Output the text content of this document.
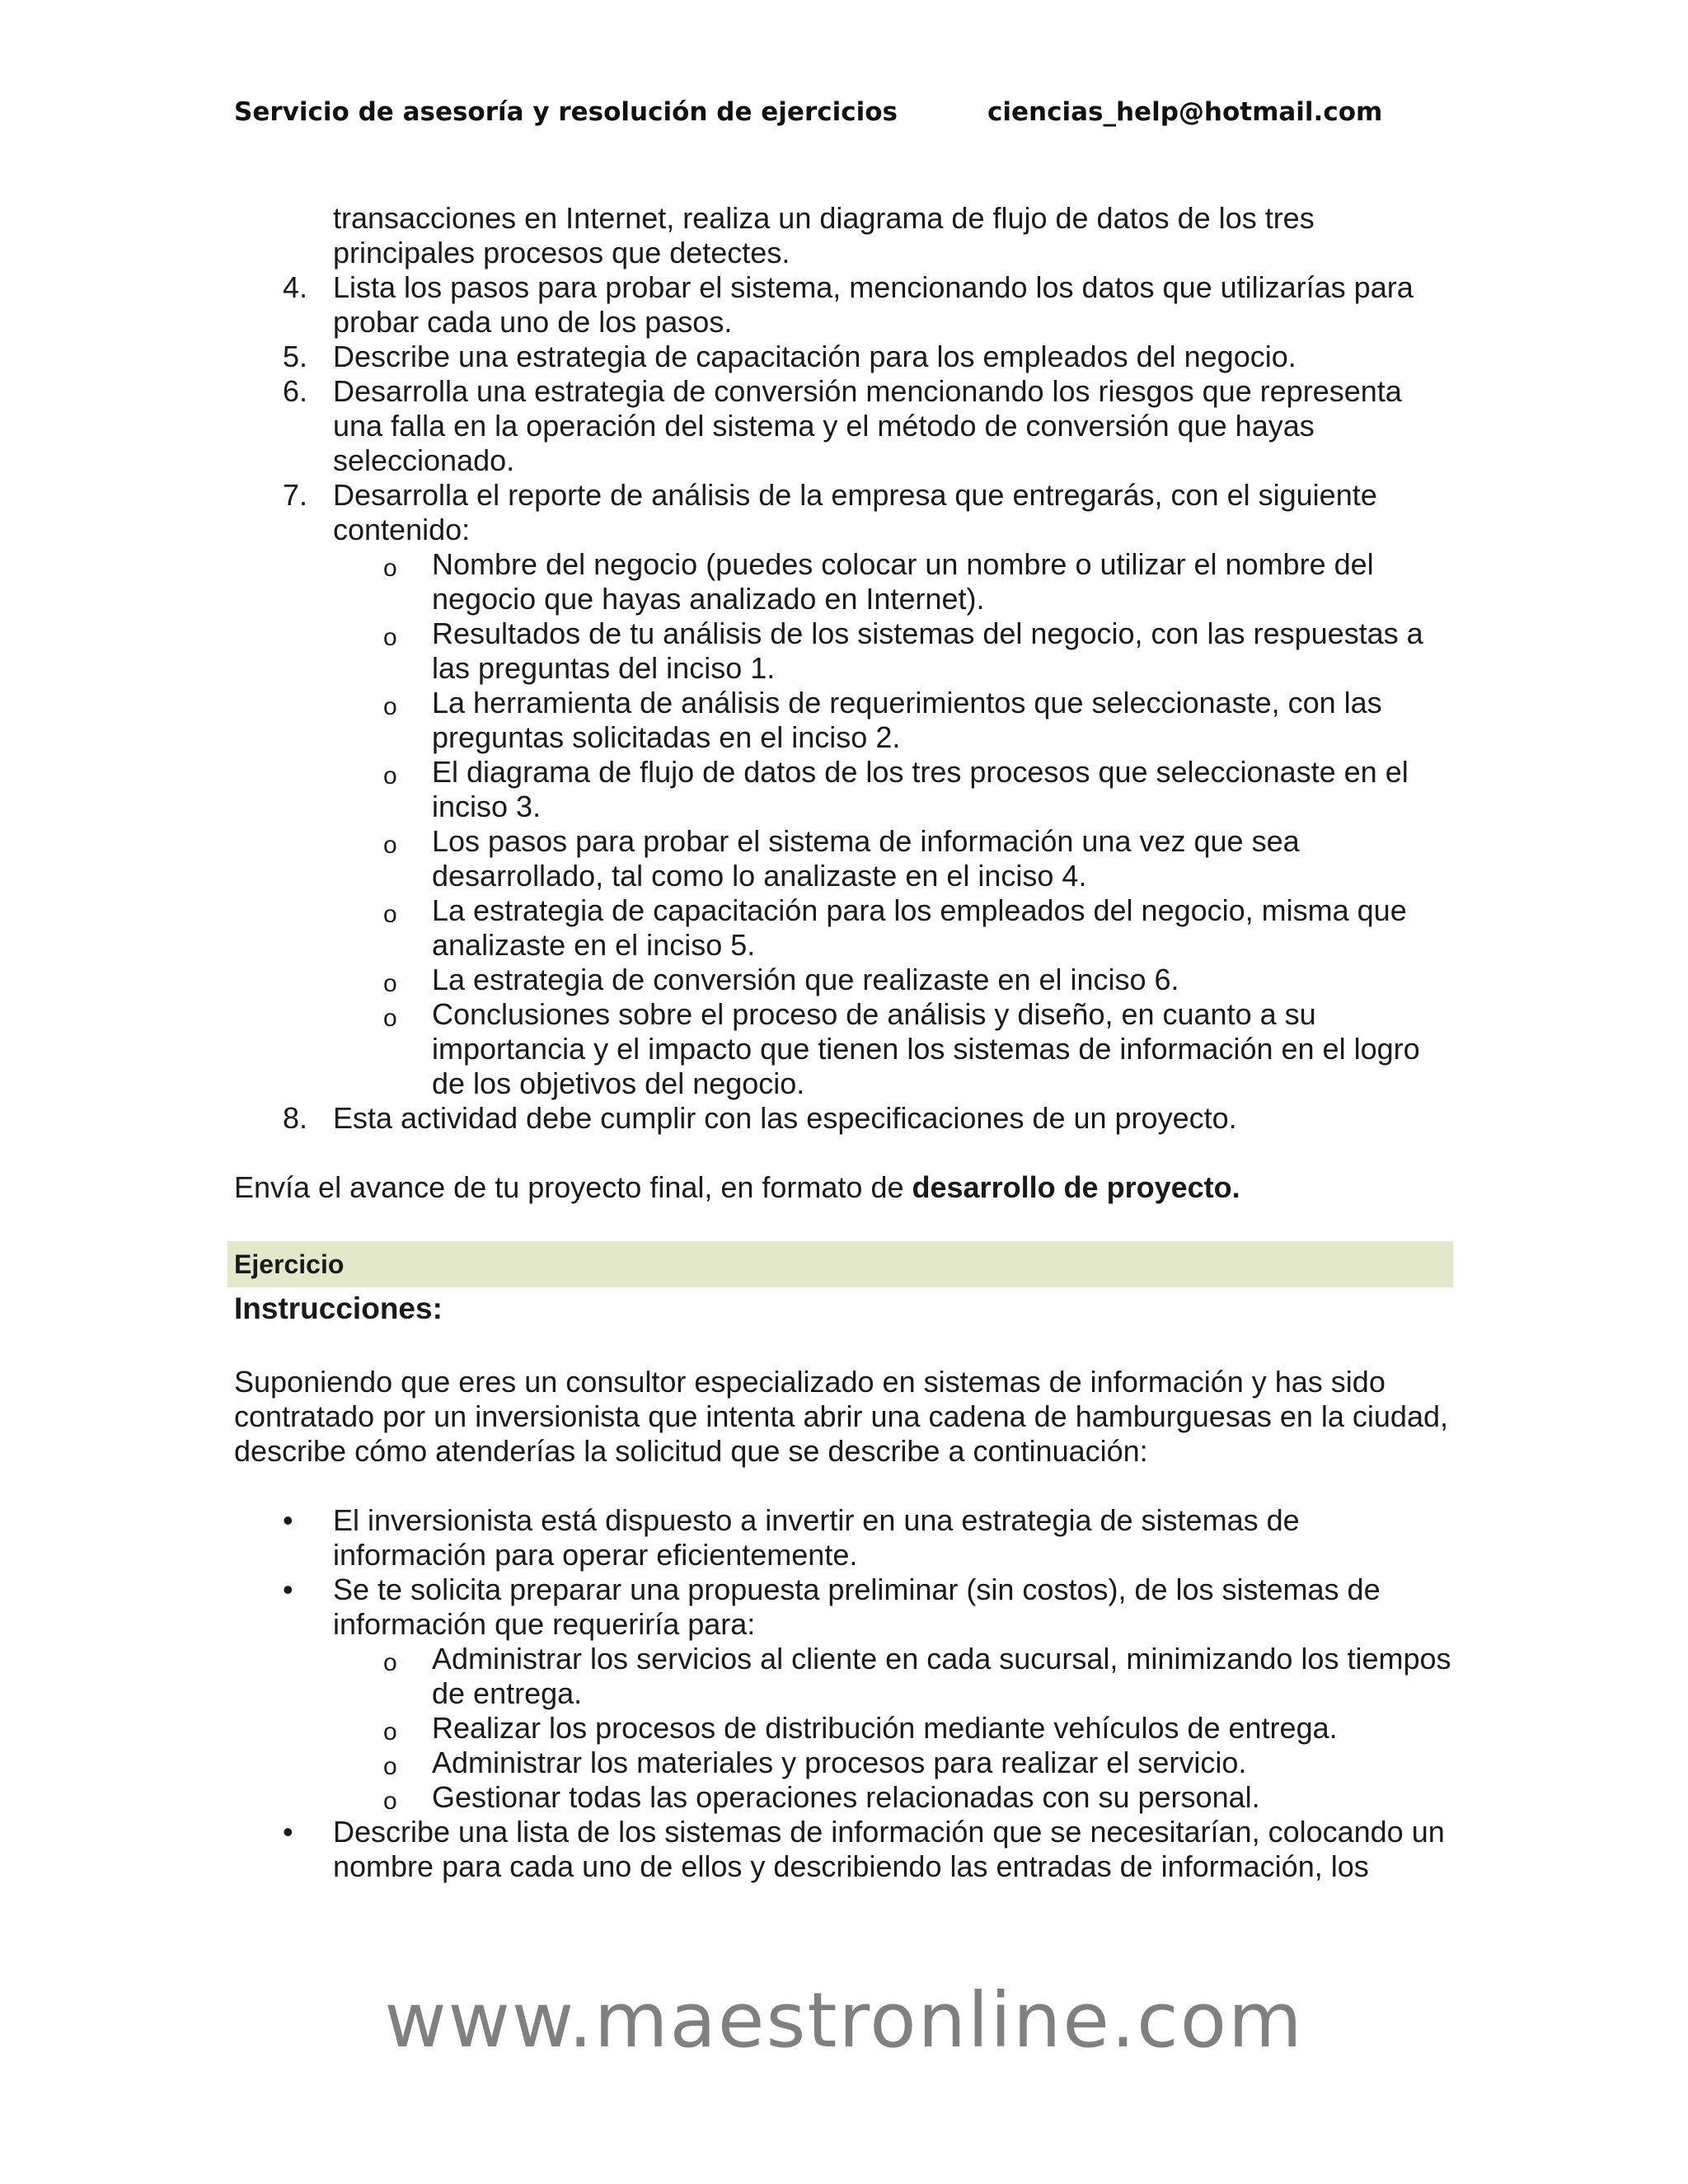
Servicio de asesoría y resolución de ejercicios	ciencias_help@hotmail.com
transacciones en Internet, realiza un diagrama de flujo de datos de los tres principales procesos que detectes.
4. Lista los pasos para probar el sistema, mencionando los datos que utilizarías para probar cada uno de los pasos.
5. Describe una estrategia de capacitación para los empleados del negocio.
6. Desarrolla una estrategia de conversión mencionando los riesgos que representa una falla en la operación del sistema y el método de conversión que hayas seleccionado.
7. Desarrolla el reporte de análisis de la empresa que entregarás, con el siguiente contenido:
o Nombre del negocio (puedes colocar un nombre o utilizar el nombre del negocio que hayas analizado en Internet).
o Resultados de tu análisis de los sistemas del negocio, con las respuestas a las preguntas del inciso 1.
o La herramienta de análisis de requerimientos que seleccionaste, con las preguntas solicitadas en el inciso 2.
o El diagrama de flujo de datos de los tres procesos que seleccionaste en el inciso 3.
o Los pasos para probar el sistema de información una vez que sea desarrollado, tal como lo analizaste en el inciso 4.
o La estrategia de capacitación para los empleados del negocio, misma que analizaste en el inciso 5.
o La estrategia de conversión que realizaste en el inciso 6.
o Conclusiones sobre el proceso de análisis y diseño, en cuanto a su importancia y el impacto que tienen los sistemas de información en el logro de los objetivos del negocio.
8. Esta actividad debe cumplir con las especificaciones de un proyecto.
Envía el avance de tu proyecto final, en formato de desarrollo de proyecto.
Ejercicio
Instrucciones:
Suponiendo que eres un consultor especializado en sistemas de información y has sido contratado por un inversionista que intenta abrir una cadena de hamburguesas en la ciudad, describe cómo atenderías la solicitud que se describe a continuación:
• El inversionista está dispuesto a invertir en una estrategia de sistemas de información para operar eficientemente.
• Se te solicita preparar una propuesta preliminar (sin costos), de los sistemas de información que requeriría para:
o Administrar los servicios al cliente en cada sucursal, minimizando los tiempos de entrega.
o Realizar los procesos de distribución mediante vehículos de entrega.
o Administrar los materiales y procesos para realizar el servicio.
o Gestionar todas las operaciones relacionadas con su personal.
• Describe una lista de los sistemas de información que se necesitarían, colocando un nombre para cada uno de ellos y describiendo las entradas de información, los
www.maestronline.com
